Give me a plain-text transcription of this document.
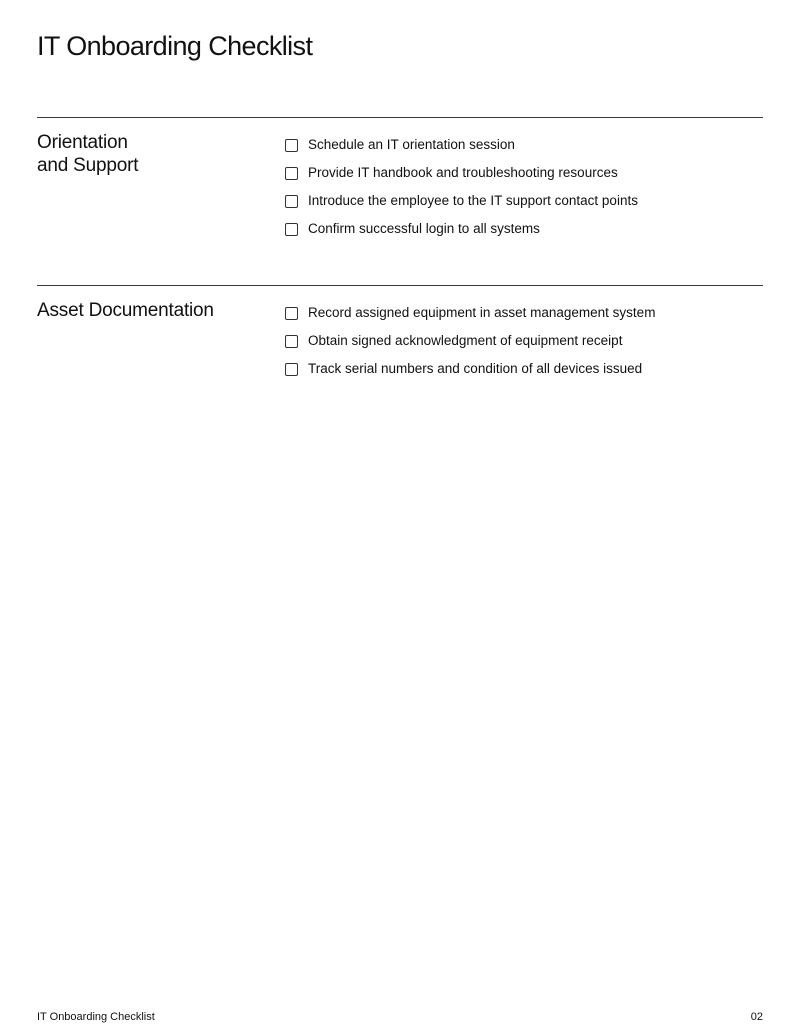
IT Onboarding Checklist
Orientation
and Support
Schedule an IT orientation session
Provide IT handbook and troubleshooting resources
Introduce the employee to the IT support contact points
Confirm successful login to all systems
Asset Documentation	Record assigned equipment in asset management system
Obtain signed acknowledgment of equipment receipt
Track serial numbers and condition of all devices issued
IT Onboarding Checklist	02
